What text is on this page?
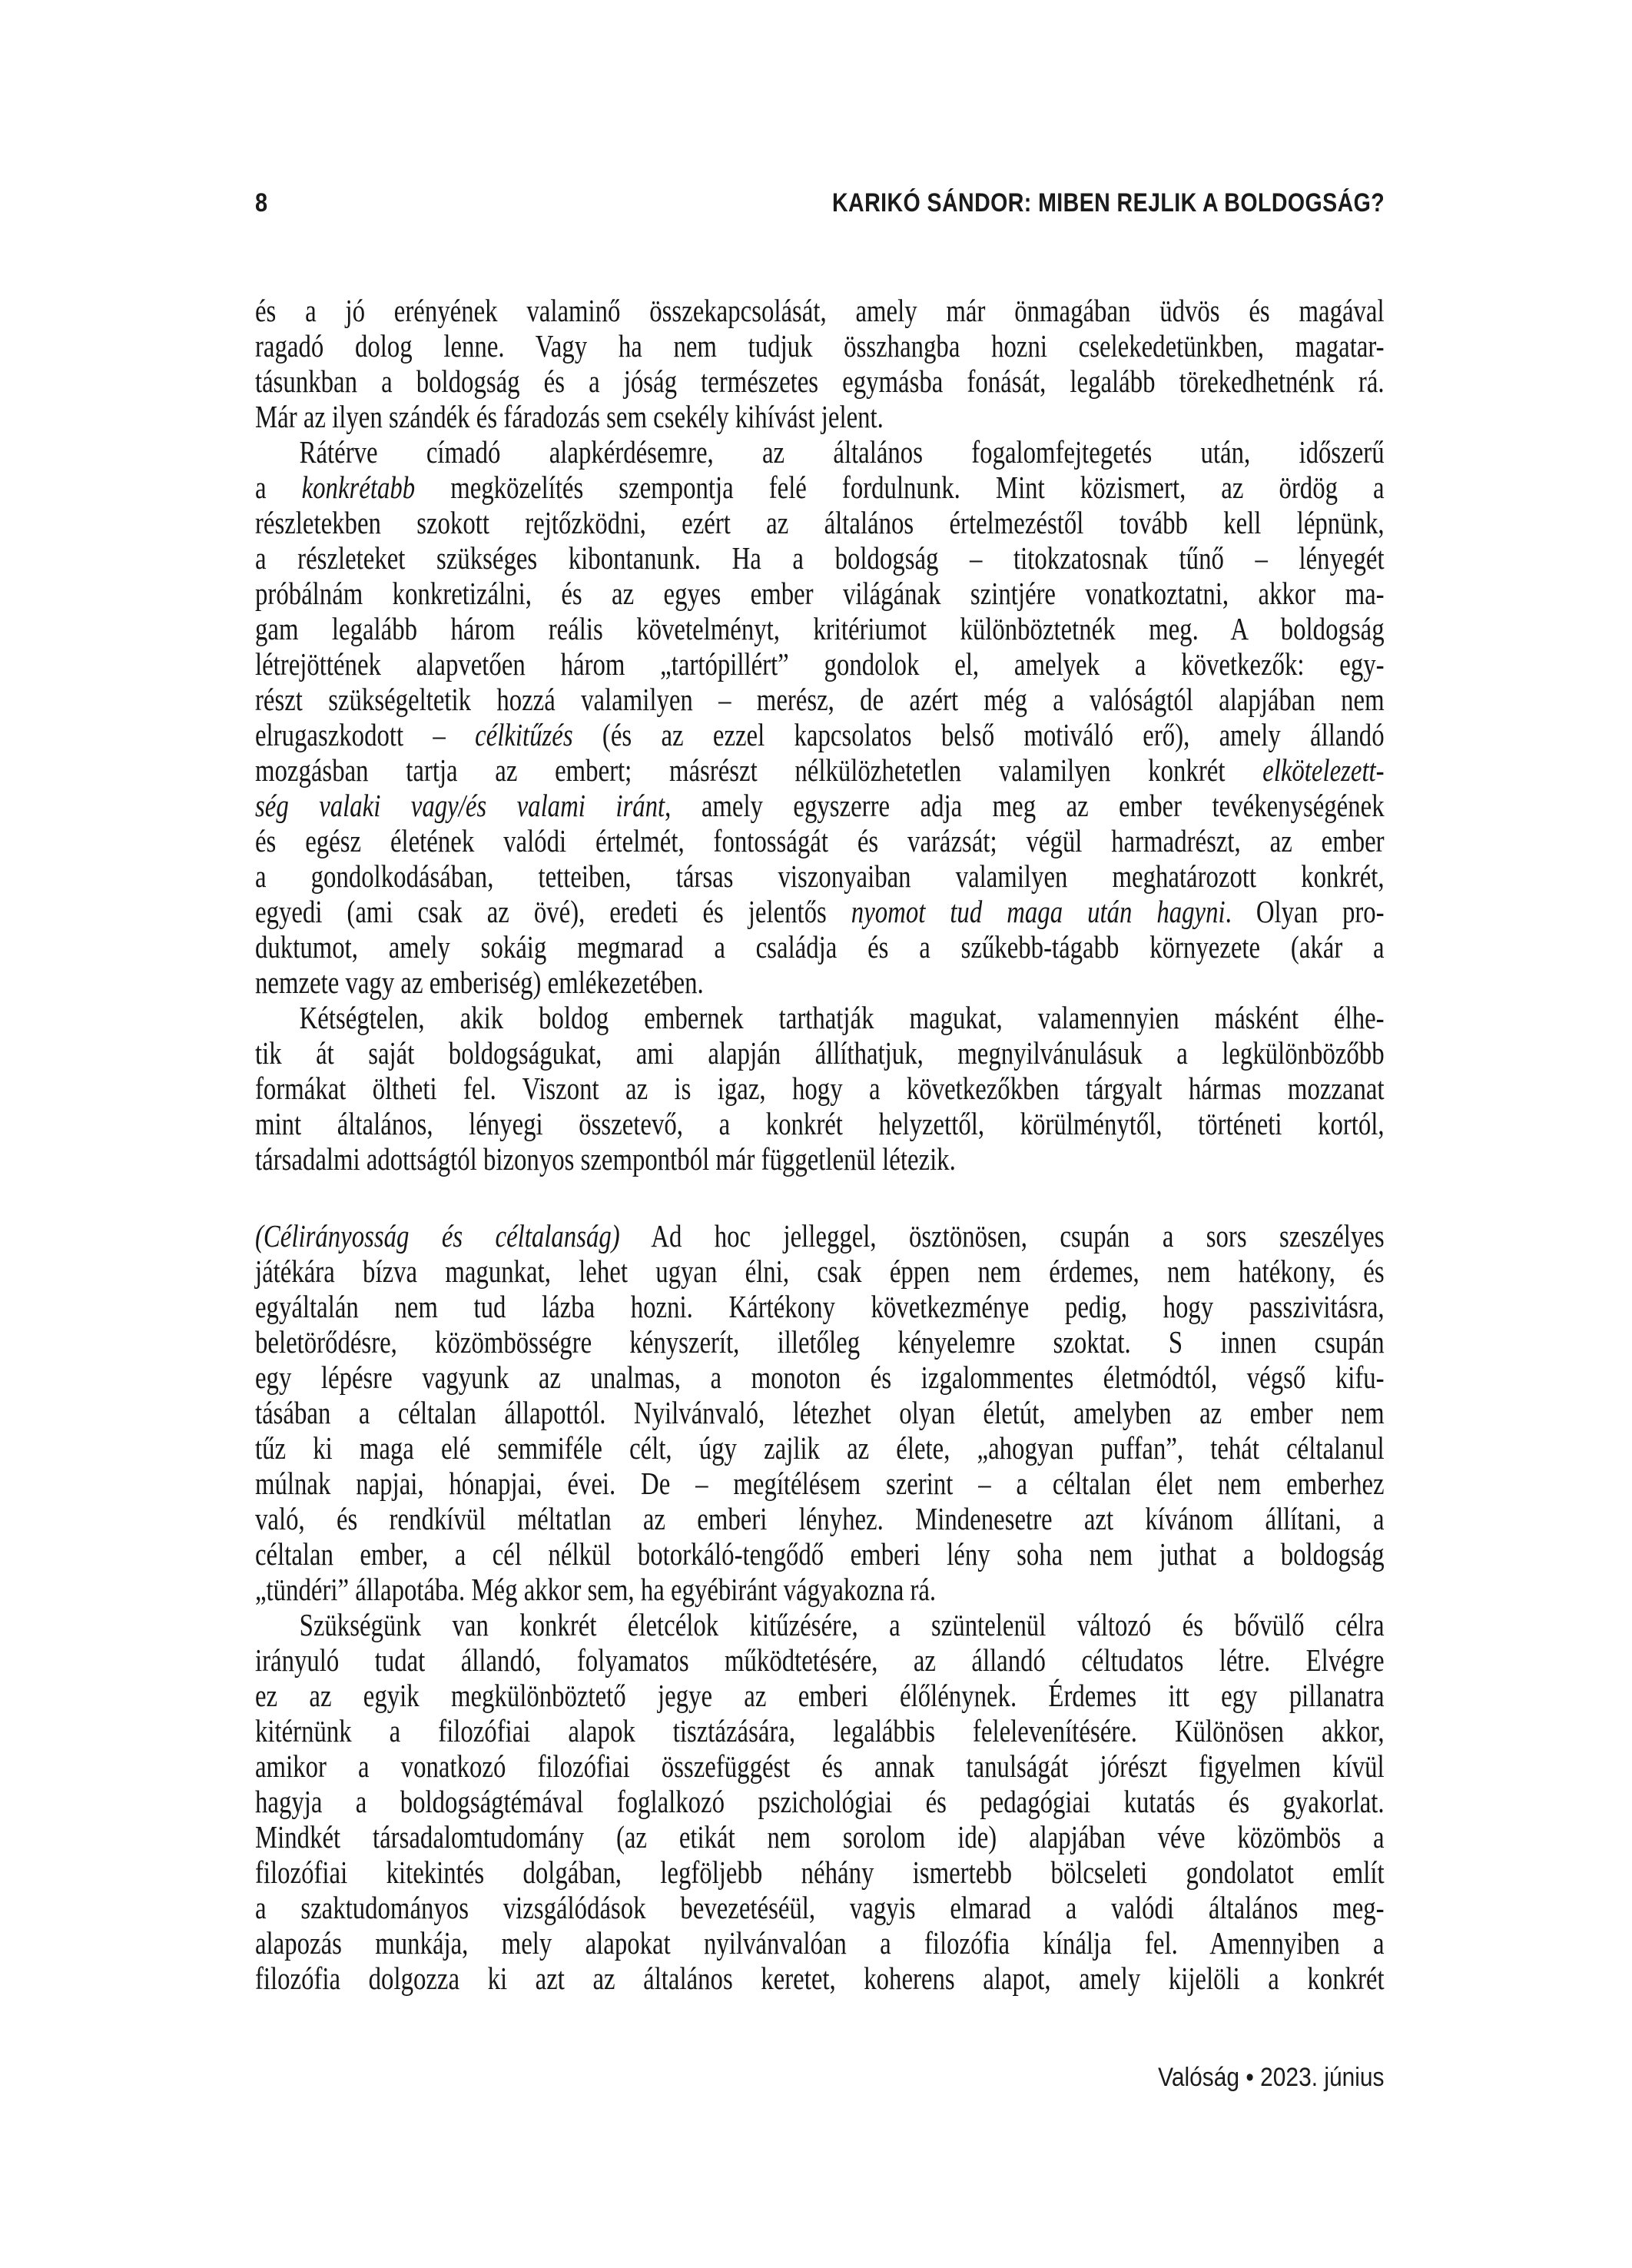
8	KARIKÓ SÁNDOR: MIBEN REJLIK A BOLDOGSÁG?
és a jó erényének valaminő összekapcsolását, amely már önmagában üdvös és magával
ragadó dolog lenne. Vagy ha nem tudjuk összhangba hozni cselekedetünkben, magatar-
tásunkban a boldogság és a jóság természetes egymásba fonását, legalább törekedhetnénk rá.
Már az ilyen szándék és fáradozás sem csekély kihívást jelent.
Rátérve címadó alapkérdésemre, az általános fogalomfejtegetés után, időszerű
a konkrétabb megközelítés szempontja felé fordulnunk. Mint közismert, az ördög a
részletekben szokott rejtőzködni, ezért az általános értelmezéstől tovább kell lépnünk,
a részleteket szükséges kibontanunk. Ha a boldogság – titokzatosnak tűnő – lényegét
próbálnám konkretizálni, és az egyes ember világának szintjére vonatkoztatni, akkor ma-
gam legalább három reális követelményt, kritériumot különböztetnék meg. A boldogság
létrejöttének alapvetően három „tartópillért” gondolok el, amelyek a következők: egy-
részt szükségeltetik hozzá valamilyen – merész, de azért még a valóságtól alapjában nem
elrugaszkodott – célkitűzés (és az ezzel kapcsolatos belső motiváló erő), amely állandó
mozgásban tartja az embert; másrészt nélkülözhetetlen valamilyen konkrét elkötelezett-
ség valaki vagy/és valami iránt, amely egyszerre adja meg az ember tevékenységének
és egész életének valódi értelmét, fontosságát és varázsát; végül harmadrészt, az ember
a gondolkodásában, tetteiben, társas viszonyaiban valamilyen meghatározott konkrét,
egyedi (ami csak az övé), eredeti és jelentős nyomot tud maga után hagyni. Olyan pro-
duktumot, amely sokáig megmarad a családja és a szűkebb-tágabb környezete (akár a
nemzete vagy az emberiség) emlékezetében.
Kétségtelen, akik boldog embernek tarthatják magukat, valamennyien másként élhe-
tik át saját boldogságukat, ami alapján állíthatjuk, megnyilvánulásuk a legkülönbözőbb
formákat öltheti fel. Viszont az is igaz, hogy a következőkben tárgyalt hármas mozzanat
mint általános, lényegi összetevő, a konkrét helyzettől, körülménytől, történeti kortól,
társadalmi adottságtól bizonyos szempontból már függetlenül létezik.
(Célirányosság és céltalanság) Ad hoc jelleggel, ösztönösen, csupán a sors szeszélyes
játékára bízva magunkat, lehet ugyan élni, csak éppen nem érdemes, nem hatékony, és
egyáltalán nem tud lázba hozni. Kártékony következménye pedig, hogy passzivitásra,
beletörődésre, közömbösségre kényszerít, illetőleg kényelemre szoktat. S innen csupán
egy lépésre vagyunk az unalmas, a monoton és izgalommentes életmódtól, végső kifu-
tásában a céltalan állapottól. Nyilvánvaló, létezhet olyan életút, amelyben az ember nem
tűz ki maga elé semmiféle célt, úgy zajlik az élete, „ahogyan puffan”, tehát céltalanul
múlnak napjai, hónapjai, évei. De – megítélésem szerint – a céltalan élet nem emberhez
való, és rendkívül méltatlan az emberi lényhez. Mindenesetre azt kívánom állítani, a
céltalan ember, a cél nélkül botorkáló-tengődő emberi lény soha nem juthat a boldogság
„tündéri” állapotába. Még akkor sem, ha egyébiránt vágyakozna rá.
Szükségünk van konkrét életcélok kitűzésére, a szüntelenül változó és bővülő célra
irányuló tudat állandó, folyamatos működtetésére, az állandó céltudatos létre. Elvégre
ez az egyik megkülönböztető jegye az emberi élőlénynek. Érdemes itt egy pillanatra
kitérnünk a filozófiai alapok tisztázására, legalábbis felelevenítésére. Különösen akkor,
amikor a vonatkozó filozófiai összefüggést és annak tanulságát jórészt figyelmen kívül
hagyja a boldogságtémával foglalkozó pszichológiai és pedagógiai kutatás és gyakorlat.
Mindkét társadalomtudomány (az etikát nem sorolom ide) alapjában véve közömbös a
filozófiai kitekintés dolgában, legföljebb néhány ismertebb bölcseleti gondolatot említ
a szaktudományos vizsgálódások bevezetéséül, vagyis elmarad a valódi általános meg-
alapozás munkája, mely alapokat nyilvánvalóan a filozófia kínálja fel. Amennyiben a
filozófia dolgozza ki azt az általános keretet, koherens alapot, amely kijelöli a konkrét
Valóság • 2023. június
